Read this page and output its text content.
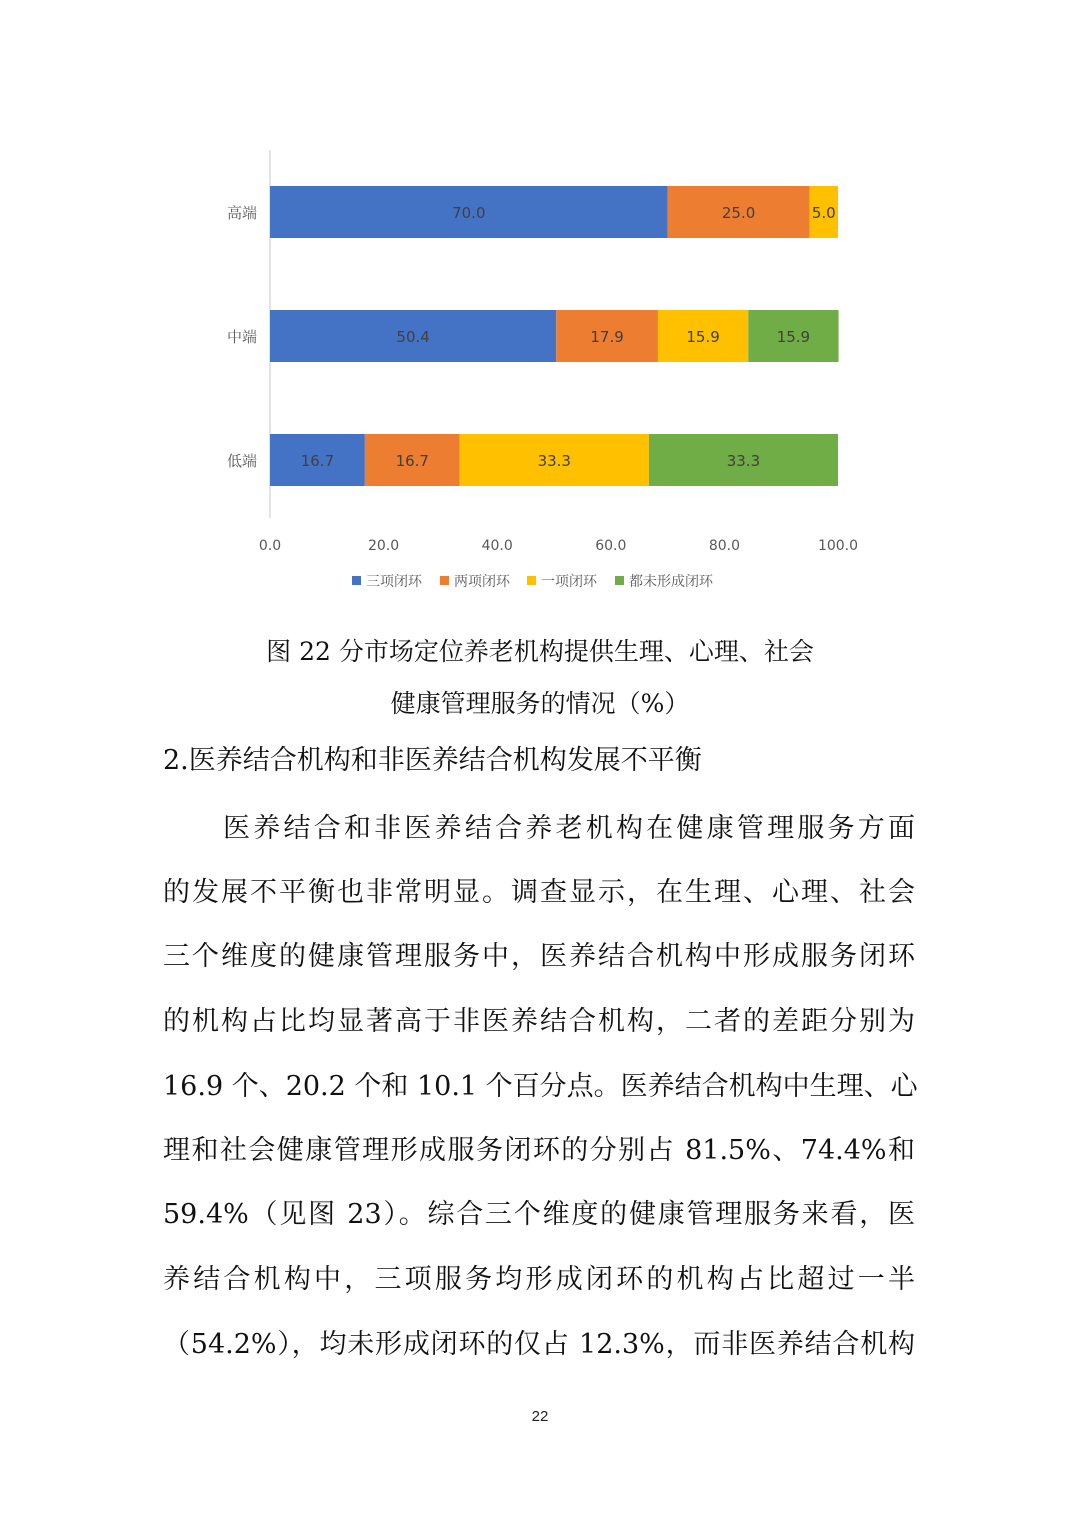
高端	70.0	25.0	5.0
中端	50.4	17.9	15.9	15.9
低端	16.7	16.7	33.3	33.3
0.0	20.0	40.0	60.0	80.0	100.0
三项闭环 两项闭环 一项闭环 都未形成闭环
图 22 分市场定位养老机构提供生理、心理、社会
健康管理服务的情况（%）
2.医养结合机构和非医养结合机构发展不平衡
医养结合和非医养结合养老机构在健康管理服务方面
的发展不平衡也非常明显。调查显示，在生理、心理、社会
三个维度的健康管理服务中，医养结合机构中形成服务闭环
的机构占比均显著高于非医养结合机构，二者的差距分别为
16.9 个、20.2 个和 10.1 个百分点。医养结合机构中生理、心
理和社会健康管理形成服务闭环的分别占 81.5%、74.4%和
59.4%（见图 23）。综合三个维度的健康管理服务来看，医
养结合机构中，三项服务均形成闭环的机构占比超过一半
（54.2%），均未形成闭环的仅占 12.3%，而非医养结合机构
22
